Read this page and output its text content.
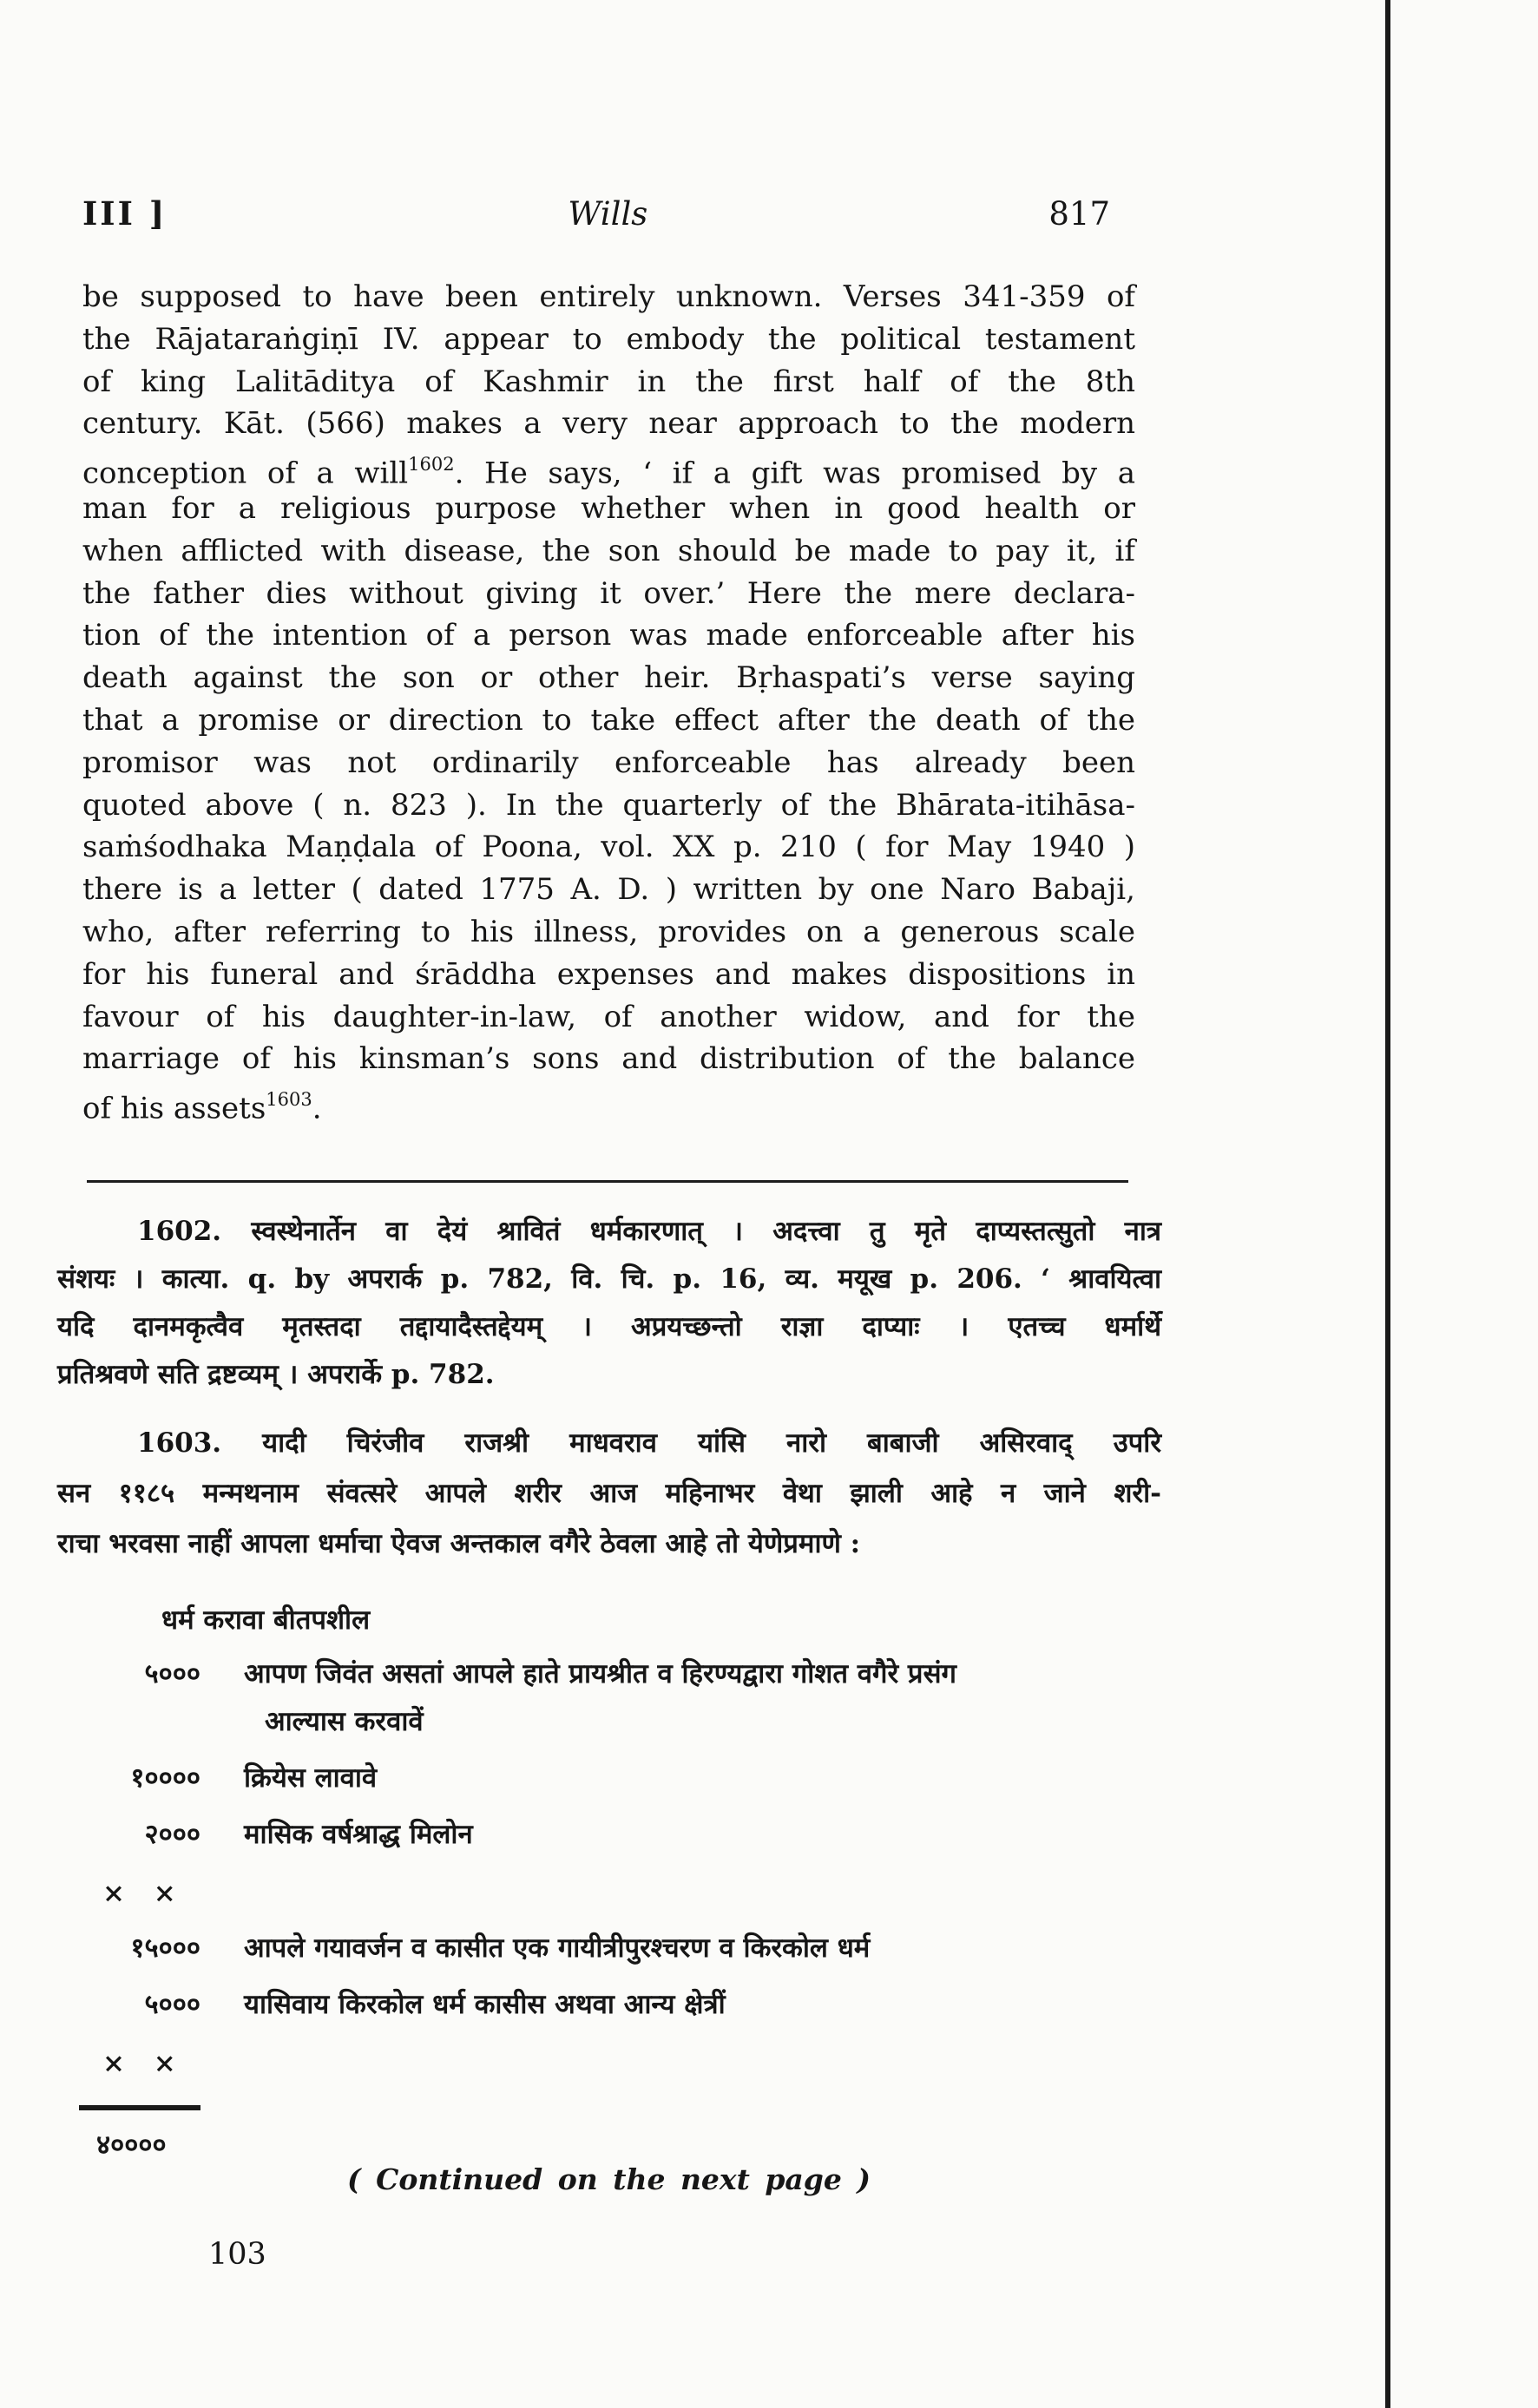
III ]	Wills	817
be supposed to have been entirely unknown. Verses 341-359 of
the Rājataraṅgiṇī IV. appear to embody the political testament
of king Lalitāditya of Kashmir in the first half of the 8th
century. Kāt. (566) makes a very near approach to the modern
conception of a will$^{1602}$. He says, ‘ if a gift was promised by a
man for a religious purpose whether when in good health or
when afflicted with disease, the son should be made to pay it, if
the father dies without giving it over.’ Here the mere declara-
tion of the intention of a person was made enforceable after his
death against the son or other heir. Bṛhaspati’s verse saying
that a promise or direction to take effect after the death of the
promisor was not ordinarily enforceable has already been
quoted above ( n. 823 ). In the quarterly of the Bhārata-itihāsa-
saṁśodhaka Maṇḍala of Poona, vol. XX p. 210 ( for May 1940 )
there is a letter ( dated 1775 A. D. ) written by one Naro Babaji,
who, after referring to his illness, provides on a generous scale
for his funeral and śrāddha expenses and makes dispositions in
favour of his daughter-in-law, of another widow, and for the
marriage of his kinsman’s sons and distribution of the balance
of his assets$^{1603}$.
1602. स्वस्थेनार्तेन वा देयं श्रावितं धर्मकारणात् । अदत्त्वा तु मृते दाप्यस्तत्सुतो नात्र
संशयः । कात्या. q. by अपरार्क p. 782, वि. चि. p. 16, व्य. मयूख p. 206. ‘ श्रावयित्वा
यदि दानमकृत्वैव मृतस्तदा तद्दायादैस्तद्देयम् । अप्रयच्छन्तो राज्ञा दाप्याः । एतच्च धर्मार्थे
प्रतिश्रवणे सति द्रष्टव्यम् । अपरार्के p. 782.
1603. यादी चिरंजीव राजश्री माधवराव यांसि नारो बाबाजी असिरवाद् उपरि
सन ११८५ मन्मथनाम संवत्सरे आपले शरीर आज महिनाभर वेथा झाली आहे न जाने शरी-
राचा भरवसा नाहीं आपला धर्माचा ऐवज अन्तकाल वगैरे ठेवला आहे तो येणेप्रमाणे :
धर्म करावा बीतपशील
५००० आपण जिवंत असतां आपले हाते प्रायश्रीत व हिरण्यद्वारा गोशत वगैरे प्रसंग
आल्यास करवावें
१०००० क्रियेस लावावे
२००० मासिक वर्षश्राद्ध मिलोन
× ×
१५००० आपले गयावर्जन व कासीत एक गायीत्रीपुरश्चरण व किरकोल धर्म
५००० यासिवाय किरकोल धर्म कासीस अथवा आन्य क्षेत्रीं
× ×
४००००
( Continued on the next page )
103
